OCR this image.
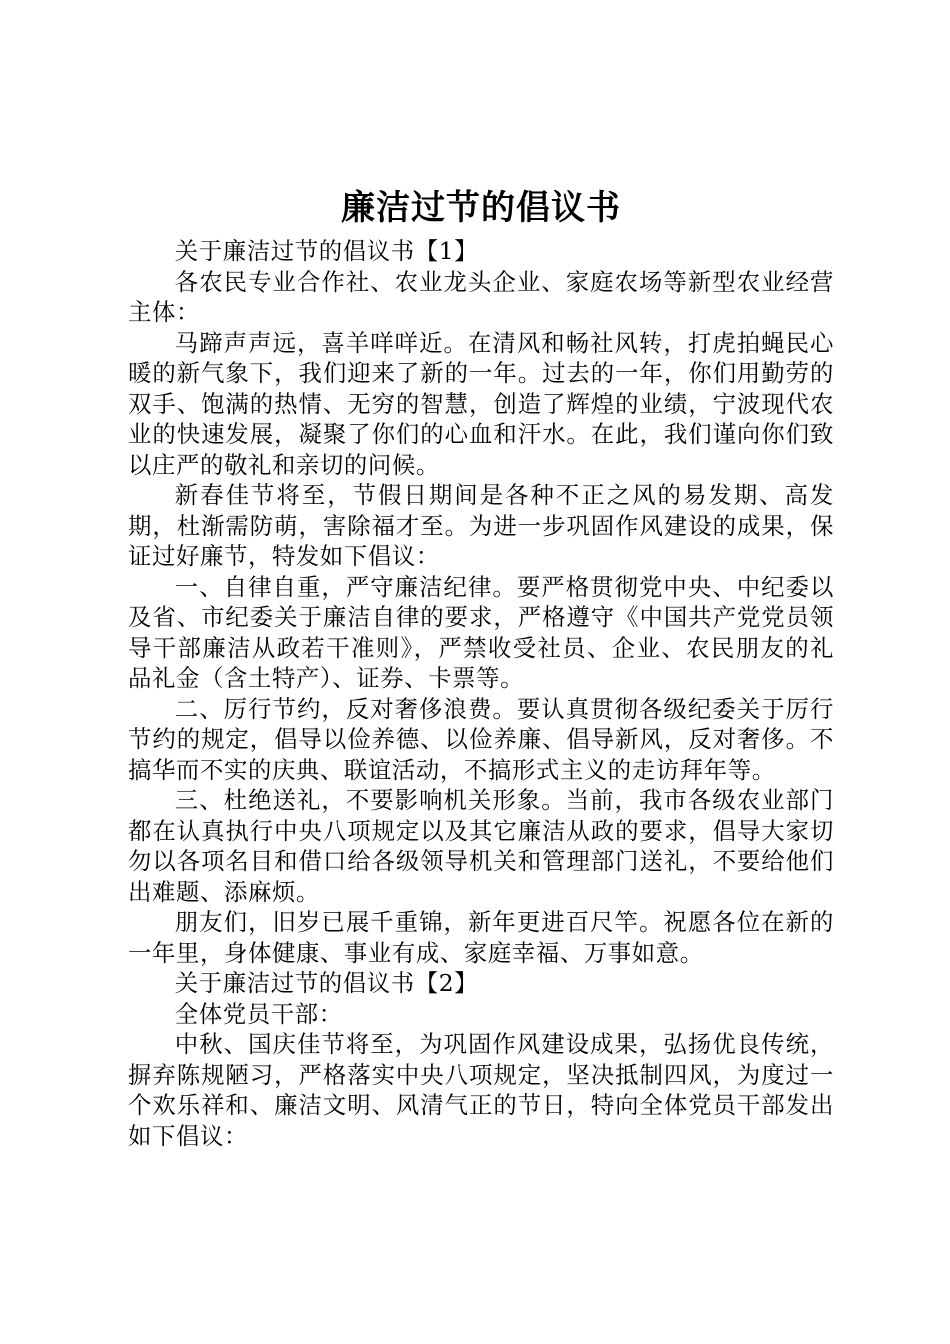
廉洁过节的倡议书

关于廉洁过节的倡议书【1】

各农民专业合作社、农业龙头企业、家庭农场等新型农业经营主体：

马蹄声声远，喜羊咩咩近。在清风和畅社风转，打虎拍蝇民心暖的新气象下，我们迎来了新的一年。过去的一年，你们用勤劳的双手、饱满的热情、无穷的智慧，创造了辉煌的业绩，宁波现代农业的快速发展，凝聚了你们的心血和汗水。在此，我们谨向你们致以庄严的敬礼和亲切的问候。

新春佳节将至，节假日期间是各种不正之风的易发期、高发期，杜渐需防萌，害除福才至。为进一步巩固作风建设的成果，保证过好廉节，特发如下倡议：

一、自律自重，严守廉洁纪律。要严格贯彻党中央、中纪委以及省、市纪委关于廉洁自律的要求，严格遵守《中国共产党党员领导干部廉洁从政若干准则》，严禁收受社员、企业、农民朋友的礼品礼金（含土特产）、证券、卡票等。

二、厉行节约，反对奢侈浪费。要认真贯彻各级纪委关于厉行节约的规定，倡导以俭养德、以俭养廉、倡导新风，反对奢侈。不搞华而不实的庆典、联谊活动，不搞形式主义的走访拜年等。

三、杜绝送礼，不要影响机关形象。当前，我市各级农业部门都在认真执行中央八项规定以及其它廉洁从政的要求，倡导大家切勿以各项名目和借口给各级领导机关和管理部门送礼，不要给他们出难题、添麻烦。

朋友们，旧岁已展千重锦，新年更进百尺竿。祝愿各位在新的一年里，身体健康、事业有成、家庭幸福、万事如意。

关于廉洁过节的倡议书【2】

全体党员干部：

中秋、国庆佳节将至，为巩固作风建设成果，弘扬优良传统，摒弃陈规陋习，严格落实中央八项规定，坚决抵制四风，为度过一个欢乐祥和、廉洁文明、风清气正的节日，特向全体党员干部发出如下倡议：
